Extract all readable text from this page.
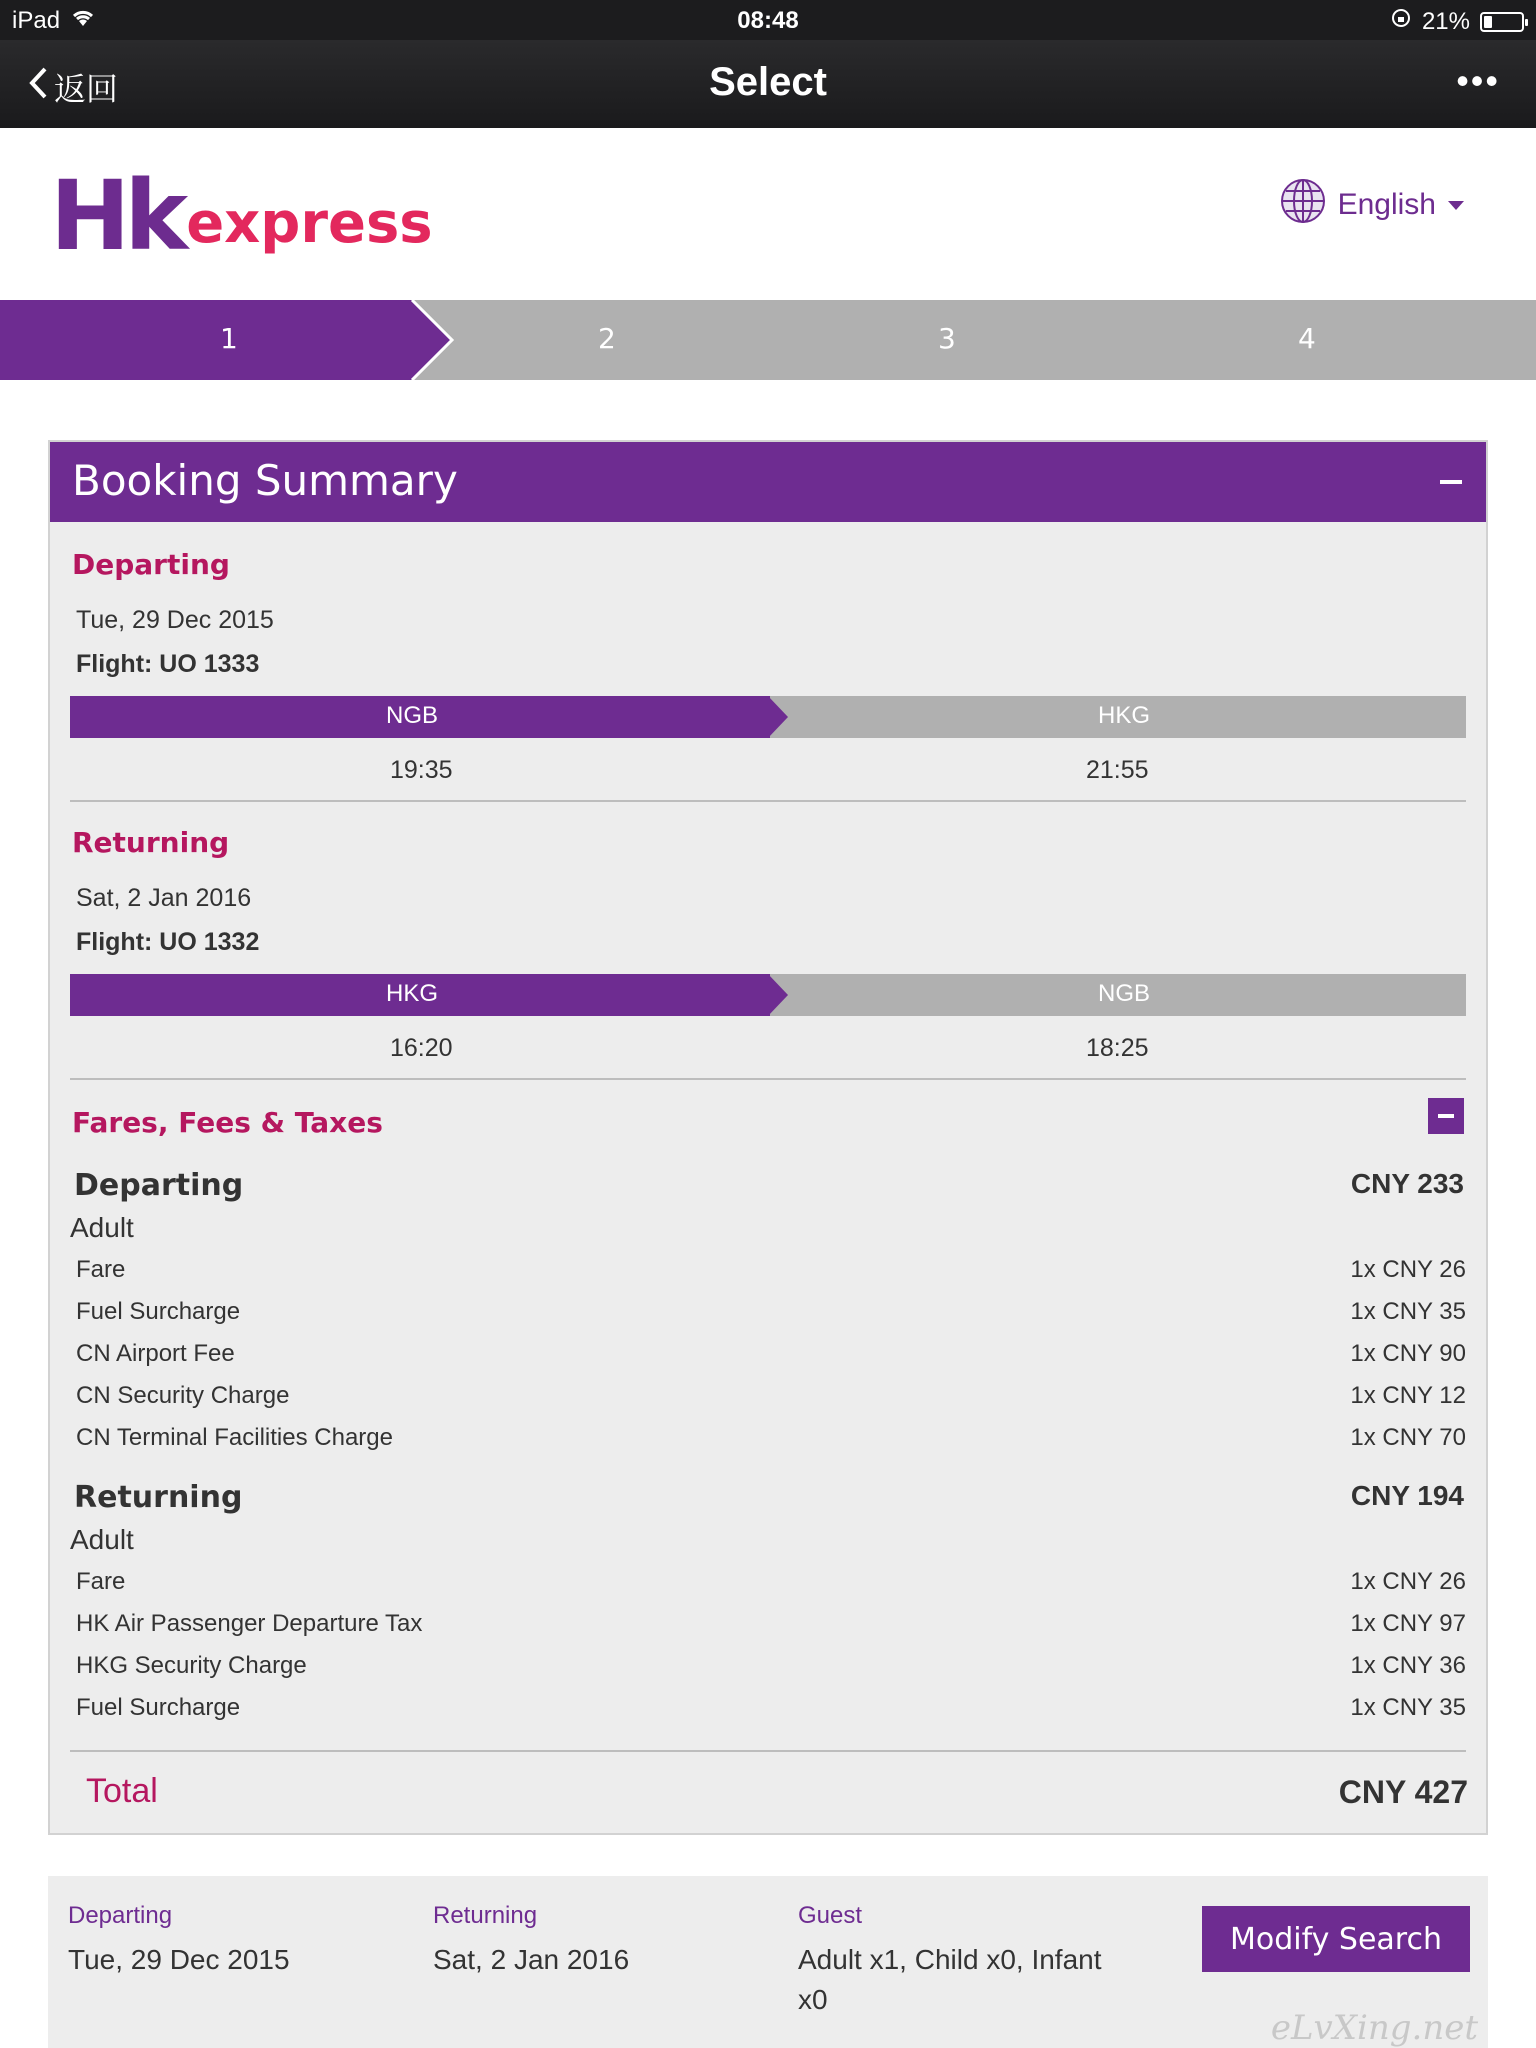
iPad	08:48	21%
返回	Select	•••
Hk express	English
1	2	3	4
Booking Summary
Departing
Tue, 29 Dec 2015
Flight: UO 1333
NGB	HKG
19:35	21:55
Returning
Sat, 2 Jan 2016
Flight: UO 1332
HKG	NGB
16:20	18:25
Fares, Fees & Taxes
Departing	CNY 233
Adult
Fare	1x CNY 26
Fuel Surcharge	1x CNY 35
CN Airport Fee	1x CNY 90
CN Security Charge	1x CNY 12
CN Terminal Facilities Charge	1x CNY 70
Returning	CNY 194
Adult
Fare	1x CNY 26
HK Air Passenger Departure Tax	1x CNY 97
HKG Security Charge	1x CNY 36
Fuel Surcharge	1x CNY 35
Total	CNY 427
Departing
Tue, 29 Dec 2015
Returning
Sat, 2 Jan 2016
Guest
Adult x1, Child x0, Infant x0
Modify Search
eLvXing.net
